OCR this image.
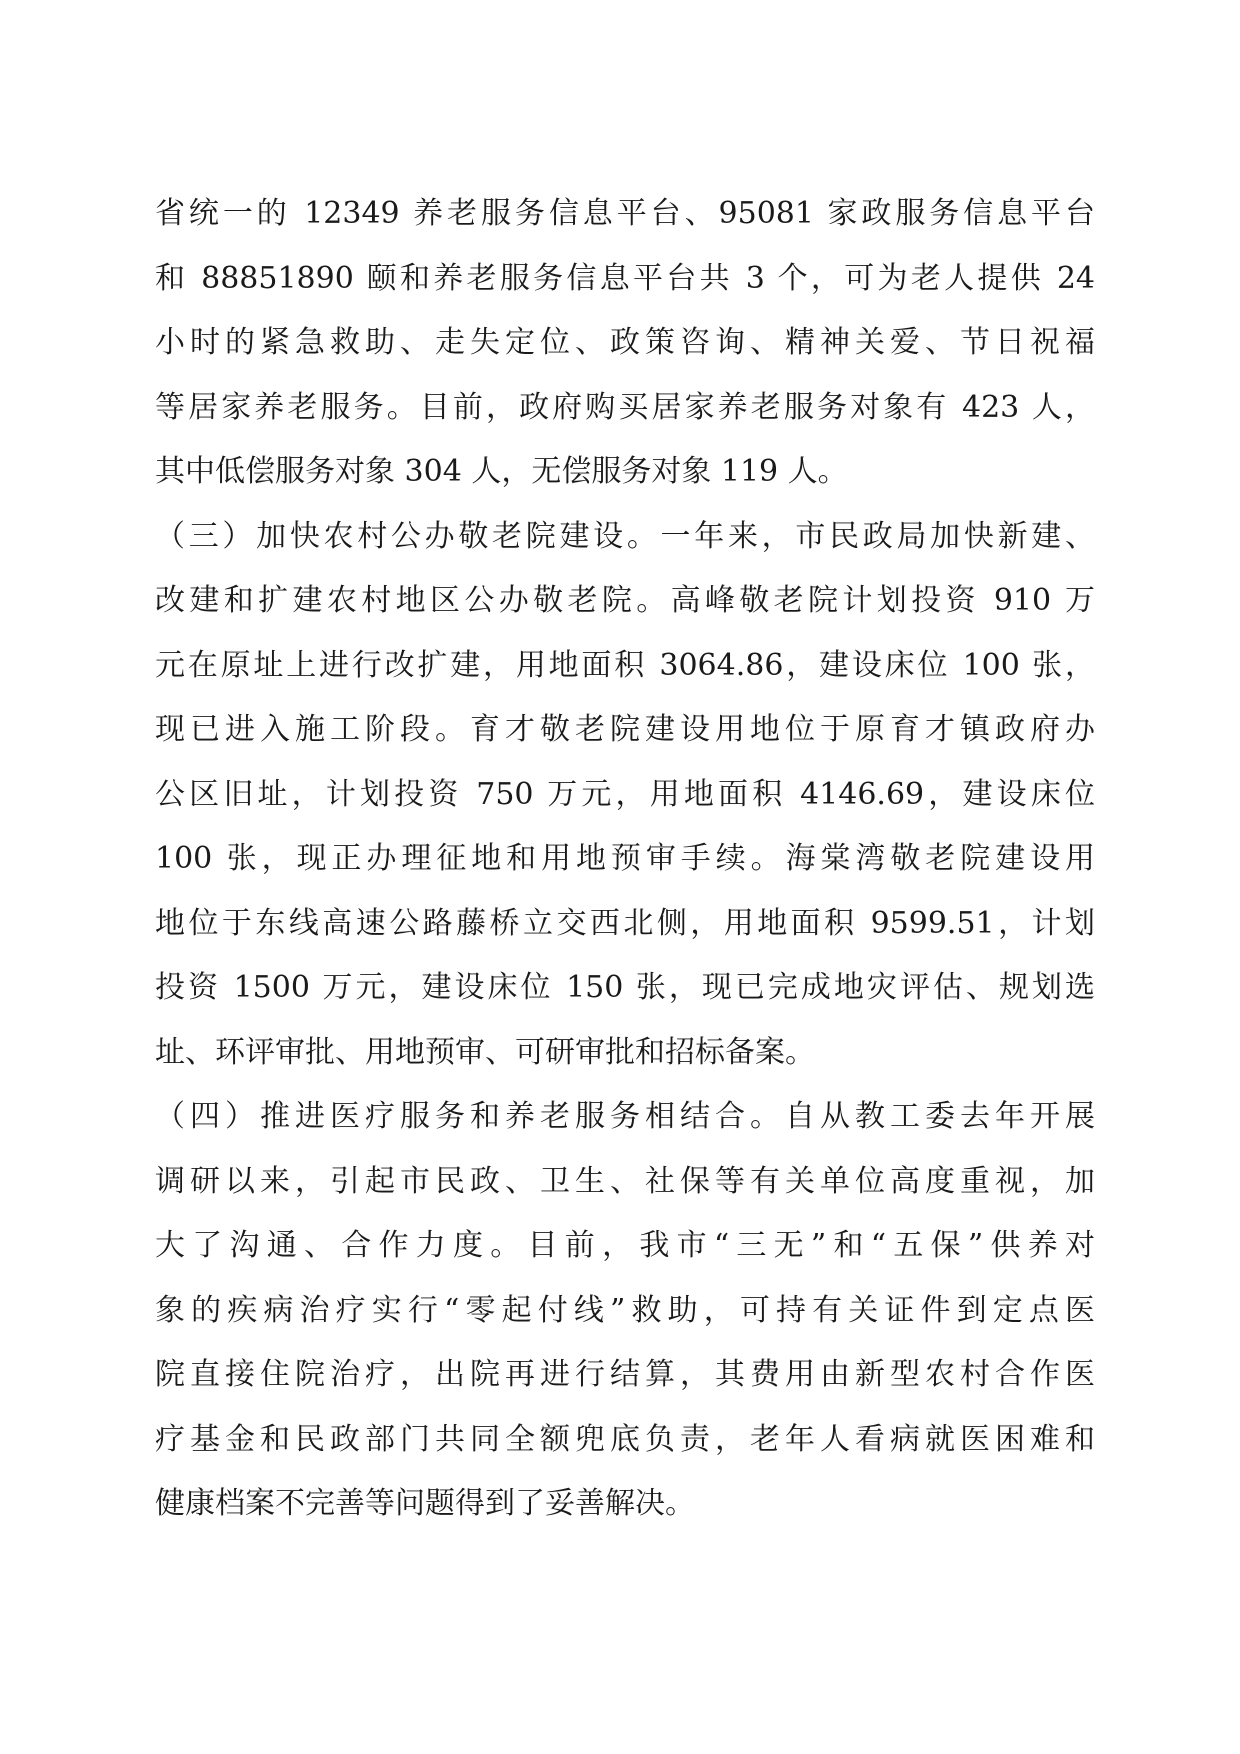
省统一的 12349 养老服务信息平台、95081 家政服务信息平台
和 88851890 颐和养老服务信息平台共 3 个，可为老人提供 24
小时的紧急救助、走失定位、政策咨询、精神关爱、节日祝福
等居家养老服务。目前，政府购买居家养老服务对象有 423 人，
其中低偿服务对象 304 人，无偿服务对象 119 人。
（三）加快农村公办敬老院建设。一年来，市民政局加快新建、
改建和扩建农村地区公办敬老院。高峰敬老院计划投资 910 万
元在原址上进行改扩建，用地面积 3064.86，建设床位 100 张，
现已进入施工阶段。育才敬老院建设用地位于原育才镇政府办
公区旧址，计划投资 750 万元，用地面积 4146.69，建设床位
100 张，现正办理征地和用地预审手续。海棠湾敬老院建设用
地位于东线高速公路藤桥立交西北侧，用地面积 9599.51，计划
投资 1500 万元，建设床位 150 张，现已完成地灾评估、规划选
址、环评审批、用地预审、可研审批和招标备案。
（四）推进医疗服务和养老服务相结合。自从教工委去年开展
调研以来，引起市民政、卫生、社保等有关单位高度重视，加
大了沟通、合作力度。目前，我市“三无”和“五保”供养对
象的疾病治疗实行“零起付线”救助，可持有关证件到定点医
院直接住院治疗，出院再进行结算，其费用由新型农村合作医
疗基金和民政部门共同全额兜底负责，老年人看病就医困难和
健康档案不完善等问题得到了妥善解决。
